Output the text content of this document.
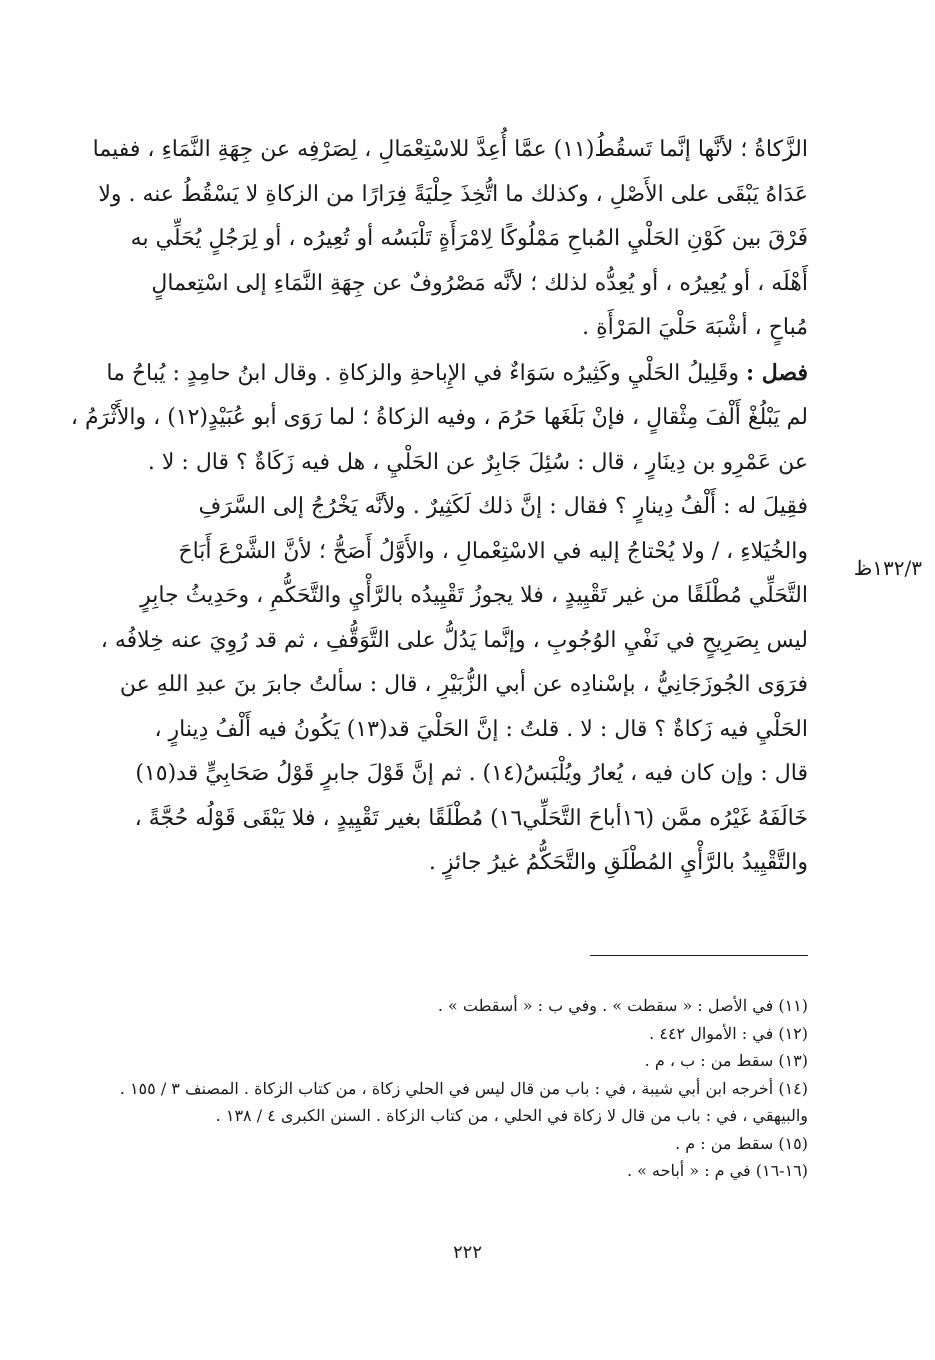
الزَّكاةُ ؛ لأنَّها إنَّما تَسقُطُ(١١) عمَّا أُعِدَّ للاسْتِعْمَالِ ، لِصَرْفِه عن جِهَةِ النَّمَاءِ ، ففيما
عَدَاهُ يَبْقَى على الأَصْلِ ، وكذلك ما اتُّخِذَ حِلْيَةً فِرَارًا من الزكاةِ لا يَسْقُطُ عنه . ولا
فَرْقَ بين كَوْنِ الحَلْيِ المُباحِ مَمْلُوكًا لِامْرَأَةٍ تَلْبَسُه أو تُعِيرُه ، أو لِرَجُلٍ يُحَلِّي به
أَهْلَه ، أو يُعِيرُه ، أو يُعِدُّه لذلك ؛ لأنَّه مَصْرُوفٌ عن جِهَةِ النَّمَاءِ إلى اسْتِعمالٍ
مُباحٍ ، أشْبَهَ حَلْيَ المَرْأَةِ .
فصل : وقَلِيلُ الحَلْيِ وكَثِيرُه سَوَاءٌ في الإِباحةِ والزكاةِ . وقال ابنُ حامِدٍ : يُباحُ ما
لم يَبْلُغْ أَلْفَ مِثْقالٍ ، فإنْ بَلَغَها حَرُمَ ، وفيه الزكاةُ ؛ لما رَوَى أبو عُبَيْدٍ(١٢) ، والأَثْرَمُ ،
عن عَمْرِو بن دِينَارٍ ، قال : سُئِلَ جَابِرٌ عن الحَلْيِ ، هل فيه زَكَاةٌ ؟ قال : لا .
فقِيلَ له : أَلْفُ دِينارٍ ؟ فقال : إنَّ ذلك لَكَثِيرٌ . ولأنَّه يَخْرُجُ إلى السَّرَفِ
والخُيَلاءِ ، / ولا يُحْتاجُ إليه في الاسْتِعْمالِ ، والأَوَّلُ أَصَحُّ ؛ لأنَّ الشَّرْعَ أَبَاحَ
التَّحَلِّي مُطْلَقًا من غير تَقْيِيدٍ ، فلا يجوزُ تَقْيِيدُه بالرَّأْيِ والتَّحَكُّمِ ، وحَدِيثُ جابِرٍ
ليس بِصَرِيحٍ في نَفْيِ الوُجُوبِ ، وإنَّما يَدُلُّ على التَّوَقُّفِ ، ثم قد رُوِيَ عنه خِلافُه ،
فرَوَى الجُوزَجَانِيُّ ، بإسْنادِه عن أبي الزُّبَيْرِ ، قال : سألتُ جابرَ بنَ عبدِ اللهِ عن
الحَلْيِ فيه زَكاةٌ ؟ قال : لا . قلتُ : إنَّ الحَلْيَ قد(١٣) يَكُونُ فيه أَلْفُ دِينارٍ ،
قال : وإن كان فيه ، يُعارُ ويُلْبَسُ(١٤) . ثم إنَّ قَوْلَ جابرٍ قَوْلُ صَحَابِيٍّ قد(١٥)
خَالَفَهُ غَيْرُه ممَّن (١٦أباحَ التَّحَلِّي١٦) مُطْلَقًا بغير تَقْيِيدٍ ، فلا يَبْقَى قَوْلُه حُجَّةً ،
والتَّقْيِيدُ بالرَّأْيِ المُطْلَقِ والتَّحَكُّمُ غيرُ جائزٍ .
١٣٢/٣ظ
(١١) في الأصل : « سقطت » . وفي ب : « أسقطت » .
(١٢) في : الأموال ٤٤٢ .
(١٣) سقط من : ب ، م .
(١٤) أخرجه ابن أبي شيبة ، في : باب من قال ليس في الحلي زكاة ، من كتاب الزكاة . المصنف ٣ / ١٥٥ .
والبيهقي ، في : باب من قال لا زكاة في الحلي ، من كتاب الزكاة . السنن الكبرى ٤ / ١٣٨ .
(١٥) سقط من : م .
(١٦-١٦) في م : « أباحه » .
٢٢٢
